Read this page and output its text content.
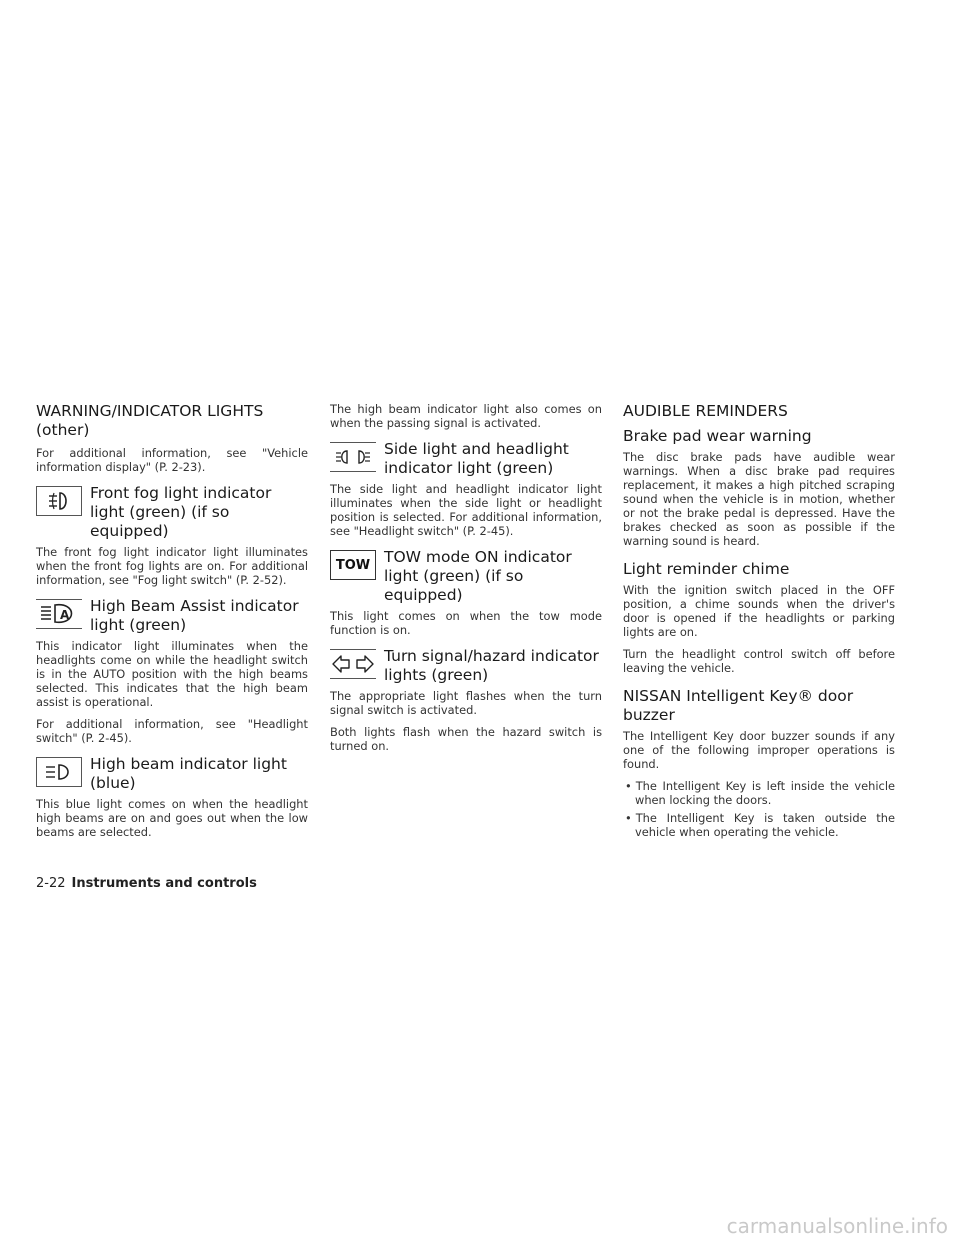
WARNING/INDICATOR LIGHTS (other)

For additional information, see "Vehicle information display" (P. 2-23).

Front fog light indicator light (green) (if so equipped)

The front fog light indicator light illuminates when the front fog lights are on. For additional information, see "Fog light switch" (P. 2-52).

A High Beam Assist indicator light (green)

This indicator light illuminates when the headlights come on while the headlight switch is in the AUTO position with the high beams selected. This indicates that the high beam assist is operational.

For additional information, see "Headlight switch" (P. 2-45).

High beam indicator light (blue)

This blue light comes on when the headlight high beams are on and goes out when the low beams are selected.

The high beam indicator light also comes on when the passing signal is activated.

Side light and headlight indicator light (green)

The side light and headlight indicator light illuminates when the side light or headlight position is selected. For additional information, see "Headlight switch" (P. 2-45).

TOW TOW mode ON indicator light (green) (if so equipped)

This light comes on when the tow mode function is on.

Turn signal/hazard indicator lights (green)

The appropriate light flashes when the turn signal switch is activated.

Both lights flash when the hazard switch is turned on.

AUDIBLE REMINDERS
Brake pad wear warning

The disc brake pads have audible wear warnings. When a disc brake pad requires replacement, it makes a high pitched scraping sound when the vehicle is in motion, whether or not the brake pedal is depressed. Have the brakes checked as soon as possible if the warning sound is heard.

Light reminder chime

With the ignition switch placed in the OFF position, a chime sounds when the driver's door is opened if the headlights or parking lights are on.

Turn the headlight control switch off before leaving the vehicle.

NISSAN Intelligent Key® door buzzer

The Intelligent Key door buzzer sounds if any one of the following improper operations is found.

• The Intelligent Key is left inside the vehicle when locking the doors.
• The Intelligent Key is taken outside the vehicle when operating the vehicle.
2-22 Instruments and controls
carmanualsonline.info
